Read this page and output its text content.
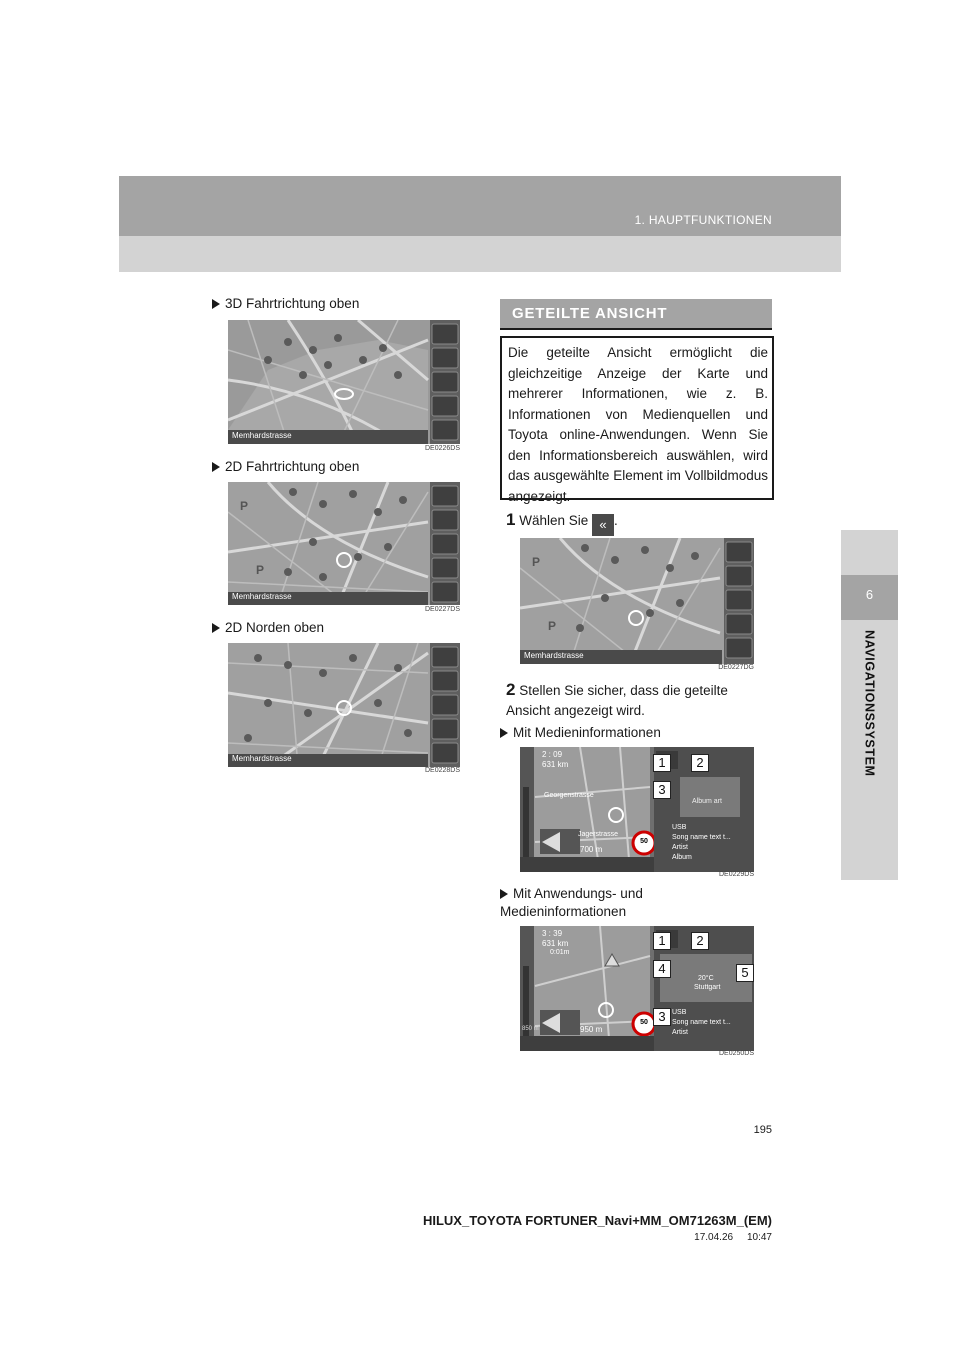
1. HAUPTFUNKTIONEN
6
NAVIGATIONSSYSTEM
3D Fahrtrichtung oben
Memhardstrasse
DE0226DS
2D Fahrtrichtung oben
P
P
Memhardstrasse
DE0227DS
2D Norden oben
Memhardstrasse
DE0228DS
GETEILTE ANSICHT
Die geteilte Ansicht ermöglicht die gleichzeitige Anzeige der Karte und mehrerer Informationen, wie z. B. Informationen von Medienquellen und Toyota online-Anwendungen. Wenn Sie den Informationsbereich auswählen, wird das ausgewählte Element im Vollbildmodus angezeigt.
1 Wählen Sie « .
P
P
Memhardstrasse
DE0227DG
2 Stellen Sie sicher, dass die geteilte Ansicht angezeigt wird.
Mit Medieninformationen
2 : 09
631 km
Georgenstrasse
Jagerstrasse
700 m
50
Album art
USB
Song name text t...
Artist
Album
1	2
3
DE0229DS
Mit Anwendungs- und Medieninformationen
3 : 39
631 km
0:01m
850 m	950 m
50
20°C
Stuttgart
USB
Song name text t...
Artist
1	2
4	5
3
DE0250DS
195
HILUX_TOYOTA FORTUNER_Navi+MM_OM71263M_(EM)
17.04.26     10:47
